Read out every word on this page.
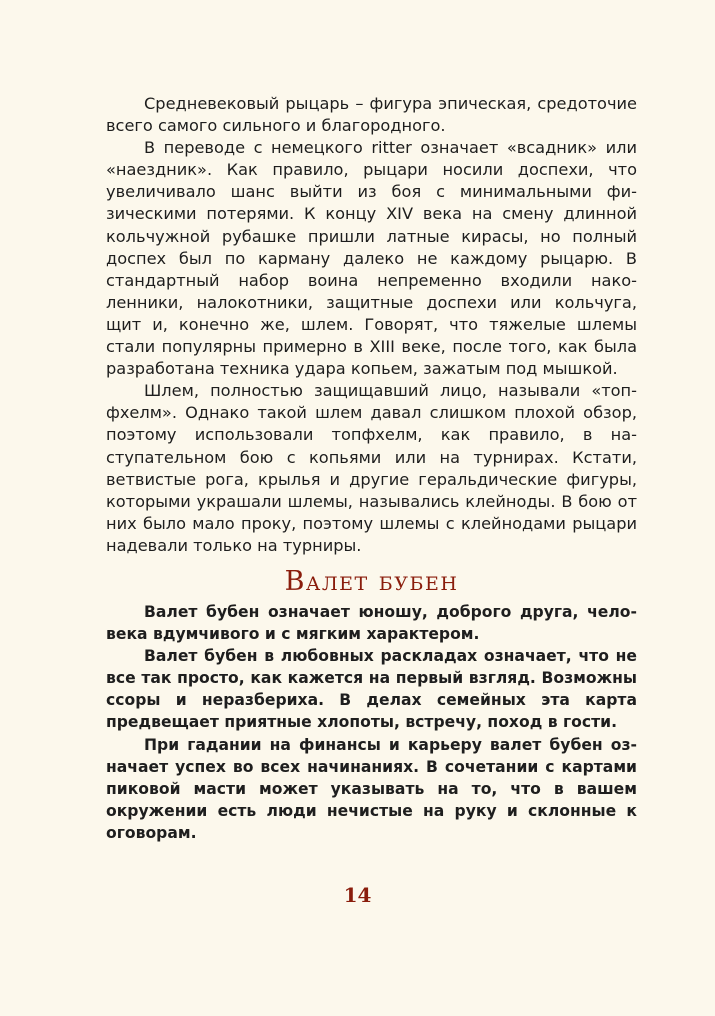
Средневековый рыцарь – фигура эпическая, средоточие всего самого сильного и благородного.

В переводе с немецкого ritter означает «всадник» или «наездник». Как правило, рыцари носили доспехи, что увеличивало шанс выйти из боя с минимальными физическими потерями. К концу XIV века на смену длинной кольчужной рубашке пришли латные кирасы, но полный доспех был по карману далеко не каждому рыцарю. В стандартный набор воина непременно входили наколенники, налокотники, защитные доспехи или кольчуга, щит и, конечно же, шлем. Говорят, что тяжелые шлемы стали популярны примерно в XIII веке, после того, как была разработана техника удара копьем, зажатым под мышкой.

Шлем, полностью защищавший лицо, называли «топфхелм». Однако такой шлем давал слишком плохой обзор, поэтому использовали топфхелм, как правило, в наступательном бою с копьями или на турнирах. Кстати, ветвистые рога, крылья и другие геральдические фигуры, которыми украшали шлемы, назывались клейноды. В бою от них было мало проку, поэтому шлемы с клейнодами рыцари надевали только на турниры.

Валет бубен

Валет бубен означает юношу, доброго друга, человека вдумчивого и с мягким характером.

Валет бубен в любовных раскладах означает, что не все так просто, как кажется на первый взгляд. Возможны ссоры и неразбериха. В делах семейных эта карта предвещает приятные хлопоты, встречу, поход в гости.

При гадании на финансы и карьеру валет бубен означает успех во всех начинаниях. В сочетании с картами пиковой масти может указывать на то, что в вашем окружении есть люди нечистые на руку и склонные к оговорам.

14
